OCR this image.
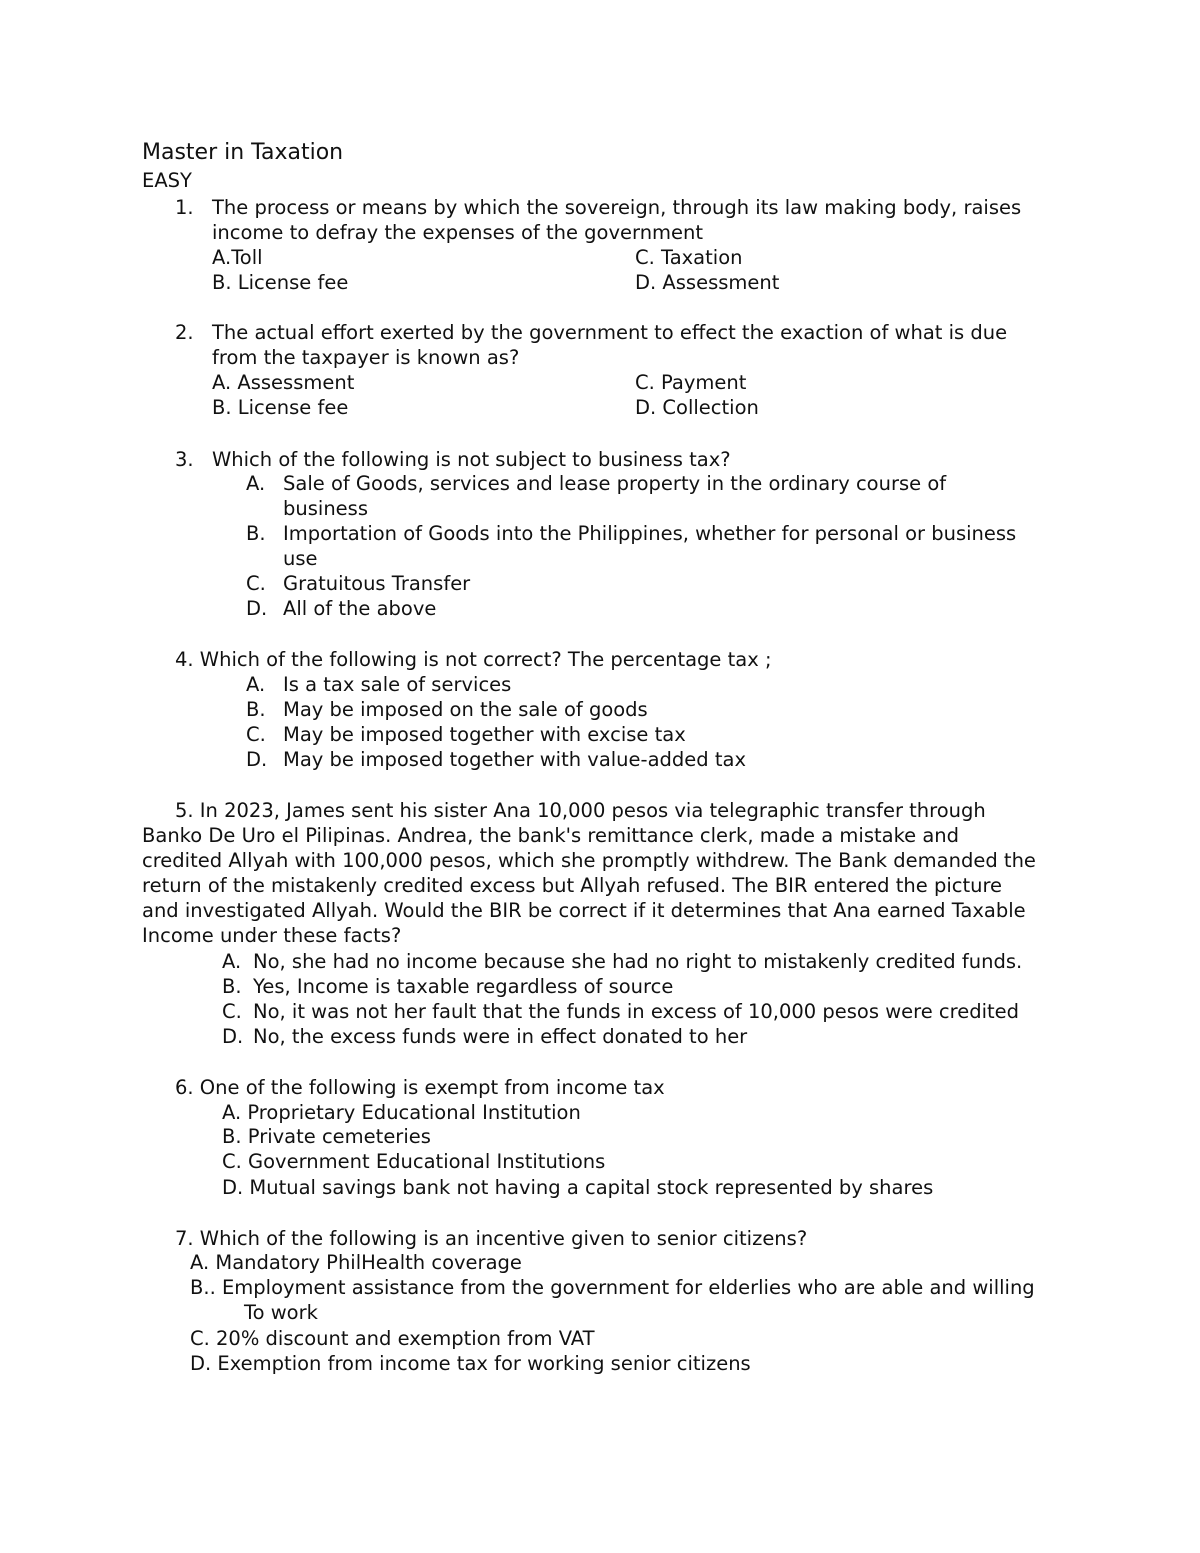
Master in Taxation
EASY
1. The process or means by which the sovereign, through its law making body, raises
income to defray the expenses of the government
A.Toll	C. Taxation
B. License fee	D. Assessment
2. The actual effort exerted by the government to effect the exaction of what is due
from the taxpayer is known as?
A. Assessment	C. Payment
B. License fee	D. Collection
3. Which of the following is not subject to business tax?
A. Sale of Goods, services and lease property in the ordinary course of
business
B. Importation of Goods into the Philippines, whether for personal or business
use
C. Gratuitous Transfer
D. All of the above
4. Which of the following is not correct? The percentage tax ;
A. Is a tax sale of services
B. May be imposed on the sale of goods
C. May be imposed together with excise tax
D. May be imposed together with value-added tax
5. In 2023, James sent his sister Ana 10,000 pesos via telegraphic transfer through
Banko De Uro el Pilipinas. Andrea, the bank's remittance clerk, made a mistake and
credited Allyah with 100,000 pesos, which she promptly withdrew. The Bank demanded the
return of the mistakenly credited excess but Allyah refused. The BIR entered the picture
and investigated Allyah. Would the BIR be correct if it determines that Ana earned Taxable
Income under these facts?
A. No, she had no income because she had no right to mistakenly credited funds.
B. Yes, Income is taxable regardless of source
C. No, it was not her fault that the funds in excess of 10,000 pesos were credited
D. No, the excess funds were in effect donated to her
6. One of the following is exempt from income tax
A. Proprietary Educational Institution
B. Private cemeteries
C. Government Educational Institutions
D. Mutual savings bank not having a capital stock represented by shares
7. Which of the following is an incentive given to senior citizens?
A. Mandatory PhilHealth coverage
B.. Employment assistance from the government for elderlies who are able and willing
To work
C. 20% discount and exemption from VAT
D. Exemption from income tax for working senior citizens
